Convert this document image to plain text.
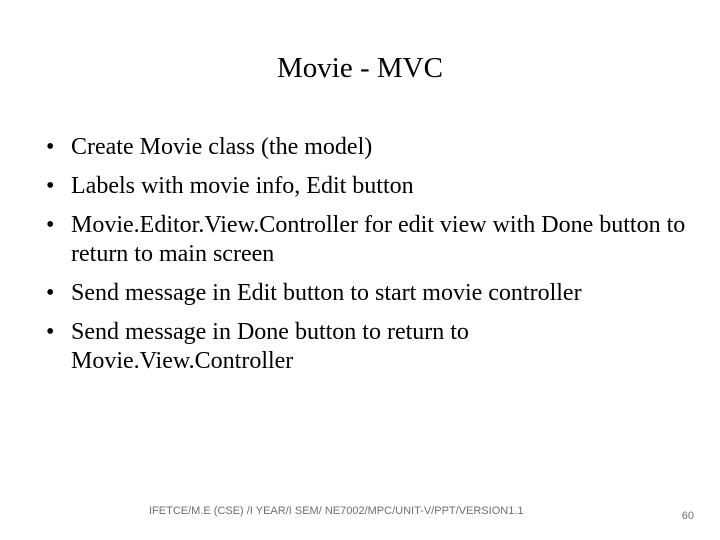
Movie - MVC
• Create Movie class (the model)
• Labels with movie info, Edit button
• Movie.Editor.View.Controller for edit view with Done button to return to main screen
• Send message in Edit button to start movie controller
• Send message in Done button to return to Movie.View.Controller
IFETCE/M.E (CSE) /I YEAR/I SEM/ NE7002/MPC/UNIT-V/PPT/VERSION1.1	60
